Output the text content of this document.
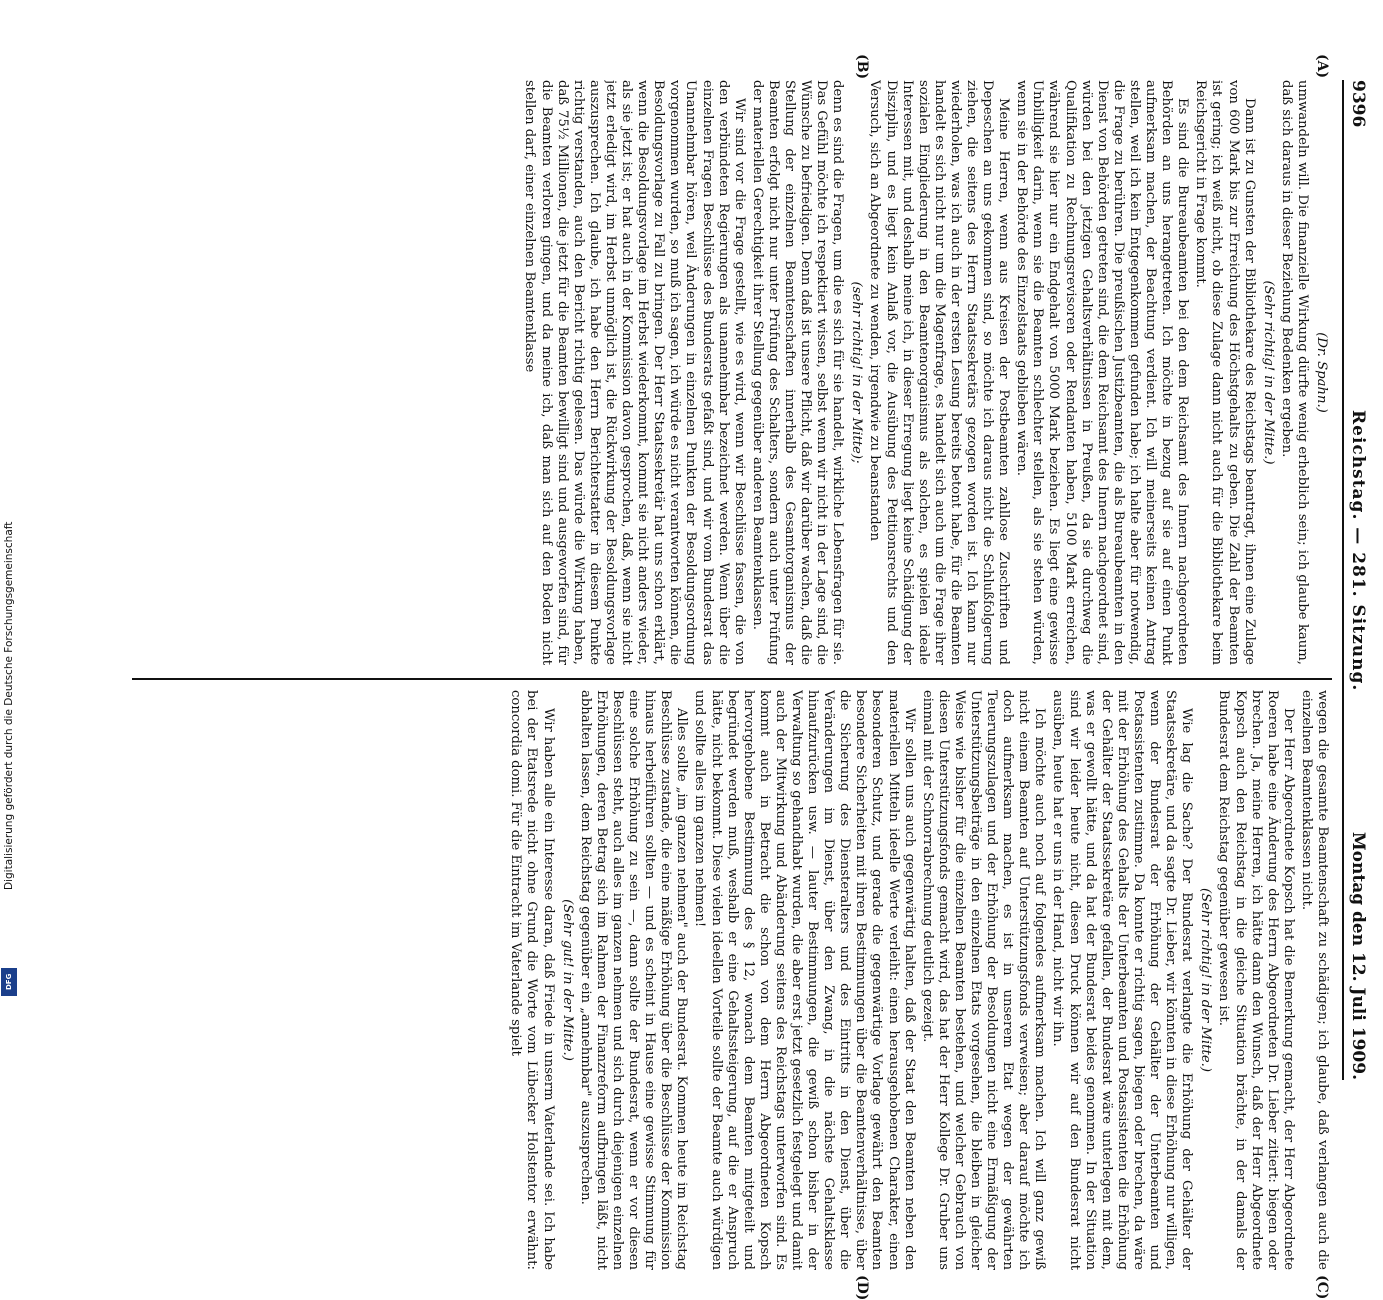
9396
Reichstag. — 281. Sitzung.
Montag den 12. Juli 1909.
(A)
(B)
(C)
(D)

(Dr. Spahn.)

umwandeln will. Die finanzielle Wirkung dürfte wenig erheblich sein; ich glaube kaum, daß sich daraus in dieser Beziehung Bedenken ergeben.

(Sehr richtig! in der Mitte.)

Dann ist zu Gunsten der Bibliothekare des Reichstags beantragt, ihnen eine Zulage von 600 Mark bis zur Erreichung des Höchstgehalts zu geben. Die Zahl der Beamten ist gering; ich weiß nicht, ob diese Zulage dann nicht auch für die Bibliothekare beim Reichsgericht in Frage kommt.

Es sind die Bureaubeamten bei den dem Reichsamt des Innern nachgeordneten Behörden an uns herangetreten. Ich möchte in bezug auf sie auf einen Punkt aufmerksam machen, der Beachtung verdient. Ich will meinerseits keinen Antrag stellen, weil ich kein Entgegenkommen gefunden habe; ich halte aber für notwendig, die Frage zu berühren. Die preußischen Justizbeamten, die als Bureaubeamten in den Dienst von Behörden getreten sind, die dem Reichsamt des Innern nachgeordnet sind, würden bei den jetzigen Gehaltsverhältnissen in Preußen, da sie durchweg die Qualifikation zu Rechnungsrevisoren oder Rendanten haben, 5100 Mark erreichen, während sie hier nur ein Endgehalt von 5000 Mark beziehen. Es liegt eine gewisse Unbilligkeit darin, wenn sie die Beamten schlechter stellen, als sie stehen würden, wenn sie in der Behörde des Einzelstaats geblieben wären.

Meine Herren, wenn aus Kreisen der Postbeamten zahllose Zuschriften und Depeschen an uns gekommen sind, so möchte ich daraus nicht die Schlußfolgerung ziehen, die seitens des Herrn Staatssekretärs gezogen worden ist. Ich kann nur wiederholen, was ich auch in der ersten Lesung bereits betont habe, für die Beamten handelt es sich nicht nur um die Magenfrage, es handelt sich auch um die Frage ihrer sozialen Eingliederung in den Beamtenorganismus als solchen, es spielen ideale Interessen mit, und deshalb meine ich, in dieser Erregung liegt keine Schädigung der Disziplin, und es liegt kein Anlaß vor, die Ausübung des Petitionsrechts und den Versuch, sich an Abgeordnete zu wenden, irgendwie zu beanstanden

(sehr richtig! in der Mitte);

denn es sind die Fragen, um die es sich für sie handelt, wirkliche Lebensfragen für sie. Das Gefühl möchte ich respektiert wissen, selbst wenn wir nicht in der Lage sind, die Wünsche zu befriedigen. Denn daß ist unsere Pflicht, daß wir darüber wachen, daß die Stellung der einzelnen Beamtenschaften innerhalb des Gesamtorganismus der Beamten erfolgt nicht nur unter Prüfung des Schalters, sondern auch unter Prüfung der materiellen Gerechtigkeit ihrer Stellung gegenüber anderen Beamtenklassen.

Wir sind vor die Frage gestellt, wie es wird, wenn wir Beschlüsse fassen, die von den verbündeten Regierungen als unannehmbar bezeichnet werden. Wenn über die einzelnen Fragen Beschlüsse des Bundesrats gefaßt sind, und wir vom Bundesrat das Unannehmbar hören, weil Änderungen in einzelnen Punkten der Besoldungsordnung vorgenommen wurden, so muß ich sagen, ich würde es nicht verantworten können, die Besoldungsvorlage zu Fall zu bringen. Der Herr Staatssekretär hat uns schon erklärt, wenn die Besoldungsvorlage im Herbst wiederkommt, kommt sie nicht anders wieder, als sie jetzt ist; er hat auch in der Kommission davon gesprochen, daß, wenn sie nicht jetzt erledigt wird, im Herbst unmöglich ist, die Rückwirkung der Besoldungsvorlage auszusprechen. Ich glaube, ich habe den Herrn Berichterstatter in diesem Punkte richtig verstanden, auch den Bericht richtig gelesen. Das würde die Wirkung haben, daß 75½ Millionen, die jetzt für die Beamten bewilligt sind und ausgeworfen sind, für die Beamten verloren gingen, und da meine ich, daß man sich auf den Boden nicht stellen darf, einer einzelnen Beamtenklasse

wegen die gesamte Beamtenschaft zu schädigen; ich glaube, daß verlangen auch die einzelnen Beamtenklassen nicht.

Der Herr Abgeordnete Kopsch hat die Bemerkung gemacht, der Herr Abgeordnete Roeren habe eine Änderung des Herrn Abgeordneten Dr. Lieber zitiert: biegen oder brechen. Ja, meine Herren, ich hätte dann den Wunsch, daß der Herr Abgeordnete Kopsch auch den Reichstag in die gleiche Situation brächte, in der damals der Bundesrat dem Reichstag gegenüber gewesen ist.

(Sehr richtig! in der Mitte.)

Wie lag die Sache? Der Bundesrat verlangte die Erhöhung der Gehälter der Staatssekretäre, und da sagte Dr. Lieber, wir könnten in diese Erhöhung nur willigen, wenn der Bundesrat der Erhöhung der Gehälter der Unterbeamten und Postassistenten zustimme. Da konnte er richtig sagen, biegen oder brechen, da wäre mit der Erhöhung des Gehalts der Unterbeamten und Postassistenten die Erhöhung der Gehälter der Staatssekretäre gefallen, der Bundesrat wäre unterlegen mit dem, was er gewollt hätte, und da hat der Bundesrat beides genommen. In der Situation sind wir leider heute nicht, diesen Druck können wir auf den Bundesrat nicht ausüben, heute hat er uns in der Hand, nicht wir ihn.

Ich möchte auch noch auf folgendes aufmerksam machen. Ich will ganz gewiß nicht einem Beamten auf Unterstützungsfonds verweisen; aber darauf möchte ich doch aufmerksam machen, es ist in unserem Etat wegen der gewährten Teuerungszulagen und der Erhöhung der Besoldungen nicht eine Ermäßigung der Unterstützungsbeiträge in den einzelnen Etats vorgesehen, die bleiben in gleicher Weise wie bisher für die einzelnen Beamten bestehen, und welcher Gebrauch von diesen Unterstützungsfonds gemacht wird, das hat der Herr Kollege Dr. Gruber uns einmal mit der Schnorrabrechnung deutlich gezeigt.

Wir sollen uns auch gegenwärtig halten, daß der Staat den Beamten neben den materiellen Mitteln ideelle Werte verleiht: einen herausgehobenen Charakter, einen besonderen Schutz, und gerade die gegenwärtige Vorlage gewährt den Beamten besondere Sicherheiten mit ihren Bestimmungen über die Beamtenverhältnisse, über die Sicherung des Diensteralters und des Eintritts in den Dienst, über die Veränderungen im Dienst, über den Zwang, in die nächste Gehaltsklasse hinaufzurücken usw. — lauter Bestimmungen, die gewiß schon bisher in der Verwaltung so gehandhabt wurden, die aber erst jetzt gesetzlich festgelegt und damit auch der Mitwirkung und Abänderung seitens des Reichstags unterworfen sind. Es kommt auch in Betracht die schon von dem Herrn Abgeordneten Kopsch hervorgehobene Bestimmung des § 12, wonach dem Beamten mitgeteilt und begründet werden muß, weshalb er eine Gehaltssteigerung, auf die er Anspruch hätte, nicht bekommt. Diese vielen ideellen Vorteile sollte der Beamte auch würdigen und sollte alles im ganzen nehmen!

Alles sollte „im ganzen nehmen" auch der Bundesrat. Kommen heute im Reichstag Beschlüsse zustande, die eine mäßige Erhöhung über die Beschlüsse der Kommission hinaus herbeiführen sollten — und es scheint in Hause eine gewisse Stimmung für eine solche Erhöhung zu sein —, dann sollte der Bundesrat, wenn er vor diesen Beschlüssen steht, auch alles im ganzen nehmen und sich durch diejenigen einzelnen Erhöhungen, deren Betrag sich im Rahmen der Finanzreform aufbringen läßt, nicht abhalten lassen, dem Reichstag gegenüber ein „annehmbar" auszusprechen.

(Sehr gut! in der Mitte.)

Wir haben alle ein Interesse daran, daß Friede in unserm Vaterlande sei. Ich habe bei der Etatsrede nicht ohne Grund die Worte vom Lübecker Holstentor erwähnt: concordia domi. Für die Eintracht im Vaterlande spielt

Digitalisierung gefördert durch die Deutsche Forschungsgemeinschaft
DFG
